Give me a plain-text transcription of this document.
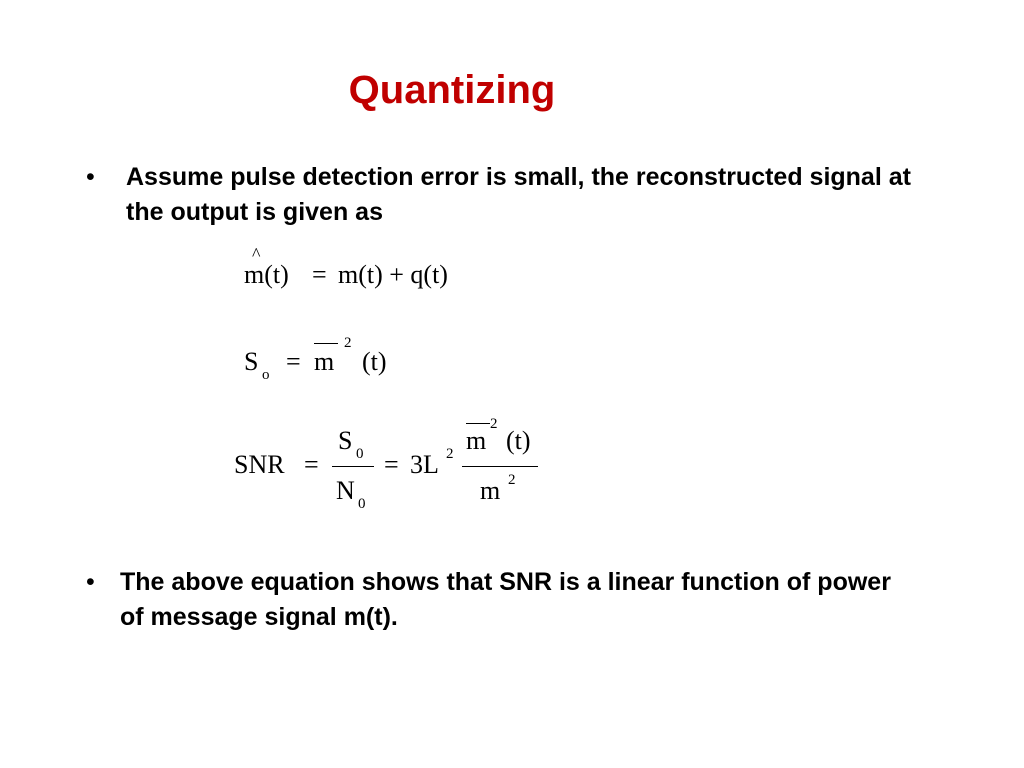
Quantizing
• Assume pulse detection error is small, the reconstructed signal at the output is given as
^
m(t) = m(t) + q(t)
S o = m
2
(t)
SNR =
S 0
N 0
= 3L 2 m
2
(t)
m 2
• The above equation shows that SNR is a linear function of power of message signal m(t).
